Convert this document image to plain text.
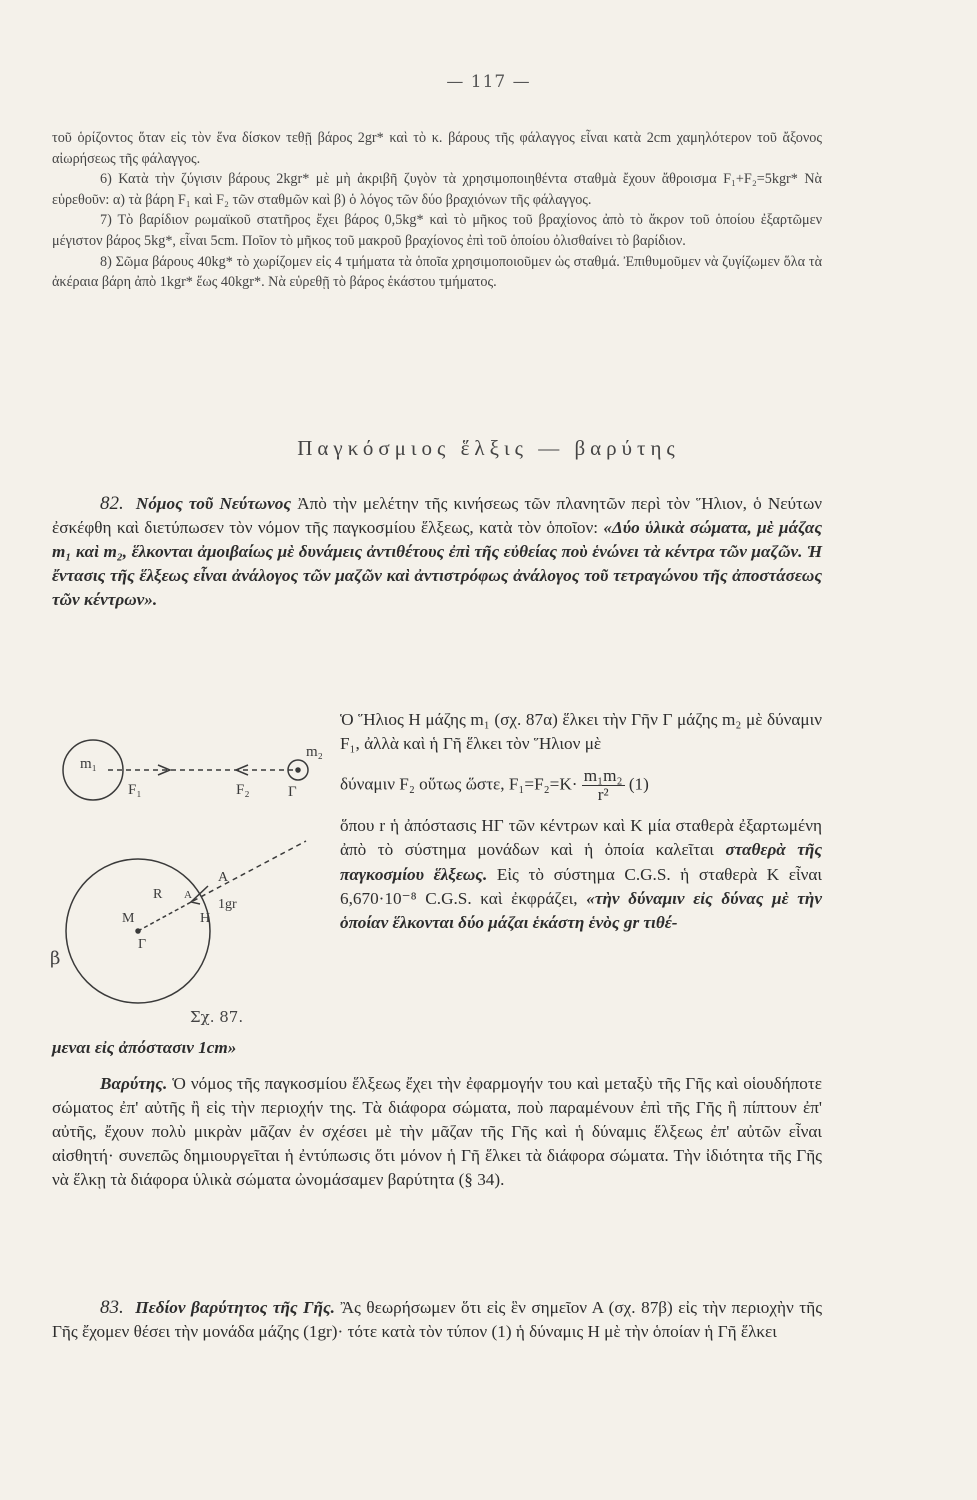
— 117 —

τοῦ ὁρίζοντος ὅταν εἰς τὸν ἕνα δίσκον τεθῇ βάρος 2gr* καὶ τὸ κ. βάρους τῆς φάλαγγος εἶναι κατὰ 2cm χαμηλότερον τοῦ ἄξονος αἰωρήσεως τῆς φάλαγγος.

6) Κατὰ τὴν ζύγισιν βάρους 2kgr* μὲ μὴ ἀκριβῆ ζυγὸν τὰ χρησιμοποιηθέντα σταθμὰ ἔχουν ἄθροισμα F₁+F₂=5kgr* Νὰ εὑρεθοῦν: α) τὰ βάρη F₁ καὶ F₂ τῶν σταθμῶν καὶ β) ὁ λόγος τῶν δύο βραχιόνων τῆς φάλαγγος.

7) Τὸ βαρίδιον ρωμαϊκοῦ στατῆρος ἔχει βάρος 0,5kg* καὶ τὸ μῆκος τοῦ βραχίονος ἀπὸ τὸ ἄκρον τοῦ ὁποίου ἐξαρτῶμεν μέγιστον βάρος 5kg*, εἶναι 5cm. Ποῖον τὸ μῆκος τοῦ μακροῦ βραχίονος ἐπὶ τοῦ ὁποίου ὀλισθαίνει τὸ βαρίδιον.

8) Σῶμα βάρους 40kg* τὸ χωρίζομεν εἰς 4 τμήματα τὰ ὁποῖα χρησιμοποιοῦμεν ὡς σταθμά. Ἐπιθυμοῦμεν νὰ ζυγίζωμεν ὅλα τὰ ἀκέραια βάρη ἀπὸ 1kgr* ἕως 40kgr*. Νὰ εὑρεθῇ τὸ βάρος ἑκάστου τμήματος.

Παγκόσμιος ἕλξις — βαρύτης

82. Νόμος τοῦ Νεύτωνος Ἀπὸ τὴν μελέτην τῆς κινήσεως τῶν πλανητῶν περὶ τὸν Ἥλιον, ὁ Νεύτων ἐσκέφθη καὶ διετύπωσεν τὸν νόμον τῆς παγκοσμίου ἕλξεως, κατὰ τὸν ὁποῖον: «Δύο ὑλικὰ σώματα, μὲ μάζας m₁ καὶ m₂, ἕλκονται ἀμοιβαίως μὲ δυνάμεις ἀντιθέτους ἐπὶ τῆς εὐθείας ποὺ ἑνώνει τὰ κέντρα τῶν μαζῶν. Ἡ ἔντασις τῆς ἕλξεως εἶναι ἀνάλογος τῶν μαζῶν καὶ ἀντιστρόφως ἀνάλογος τοῦ τετραγώνου τῆς ἀποστάσεως τῶν κέντρων».

m₁
m₂
F₁	F₂	Γ
A
R A
1gr
M	H
Γ
β
Σχ. 87.

Ὁ Ἥλιος Η μάζης m₁ (σχ. 87α) ἕλκει τὴν Γῆν Γ μάζης m₂ μὲ δύναμιν F₁, ἀλλὰ καὶ ἡ Γῆ ἕλκει τὸν Ἥλιον μὲ

δύναμιν F₂ οὕτως ὥστε, $F_1=F_2=K\cdot \frac{\text{m₁m₂}}{\text{r²}} (1)$

ὅπου r ἡ ἀπόστασις ΗΓ τῶν κέντρων καὶ Κ μία σταθερὰ ἐξαρτωμένη ἀπὸ τὸ σύστημα μονάδων καὶ ἡ ὁποία καλεῖται σταθερὰ τῆς παγκοσμίου ἕλξεως. Εἰς τὸ σύστημα C.G.S. ἡ σταθερὰ K εἶναι 6,670·10⁻⁸ C.G.S. καὶ ἐκφράζει, «τὴν δύναμιν εἰς δύνας μὲ τὴν ὁποίαν ἕλκονται δύο μάζαι ἑκάστη ἑνὸς gr τιθέ-

μεναι εἰς ἀπόστασιν 1cm»

Βαρύτης. Ὁ νόμος τῆς παγκοσμίου ἕλξεως ἔχει τὴν ἐφαρμογήν του καὶ μεταξὺ τῆς Γῆς καὶ οἱουδήποτε σώματος ἐπ' αὐτῆς ἢ εἰς τὴν περιοχήν της. Τὰ διάφορα σώματα, ποὺ παραμένουν ἐπὶ τῆς Γῆς ἢ πίπτουν ἐπ' αὐτῆς, ἔχουν πολὺ μικρὰν μᾶζαν ἐν σχέσει μὲ τὴν μᾶζαν τῆς Γῆς καὶ ἡ δύναμις ἕλξεως ἐπ' αὐτῶν εἶναι αἰσθητή· συνεπῶς δημιουργεῖται ἡ ἐντύπωσις ὅτι μόνον ἡ Γῆ ἕλκει τὰ διάφορα σώματα. Τὴν ἰδιότητα τῆς Γῆς νὰ ἕλκῃ τὰ διάφορα ὑλικὰ σώματα ὠνομάσαμεν βαρύτητα (§ 34).

83. Πεδίον βαρύτητος τῆς Γῆς. Ἂς θεωρήσωμεν ὅτι εἰς ἓν σημεῖον Α (σχ. 87β) εἰς τὴν περιοχὴν τῆς Γῆς ἔχομεν θέσει τὴν μονάδα μάζης (1gr)· τότε κατὰ τὸν τύπον (1) ἡ δύναμις Η μὲ τὴν ὁποίαν ἡ Γῆ ἕλκει
